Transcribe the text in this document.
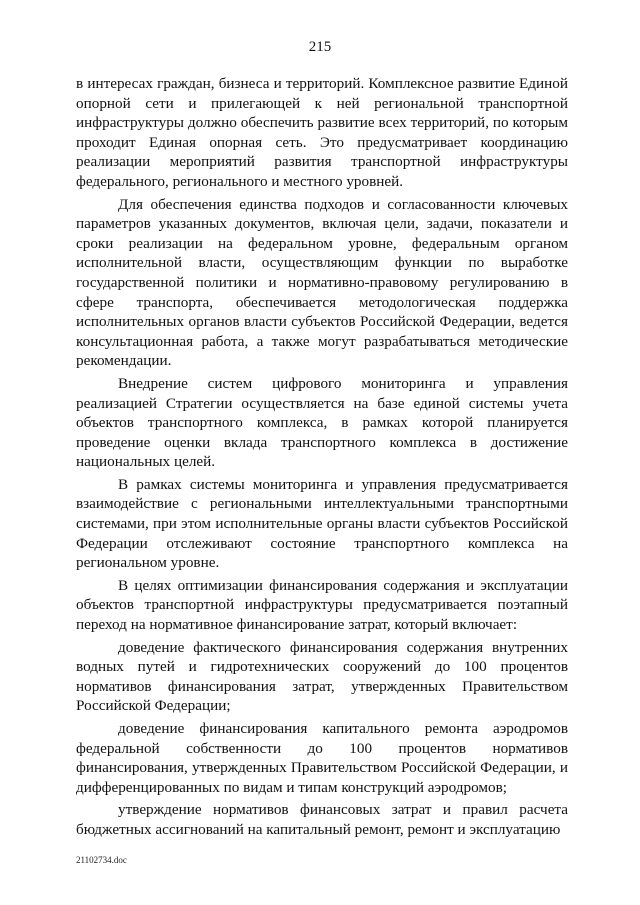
215

в интересах граждан, бизнеса и территорий. Комплексное развитие Единой опорной сети и прилегающей к ней региональной транспортной инфраструктуры должно обеспечить развитие всех территорий, по которым проходит Единая опорная сеть. Это предусматривает координацию реализации мероприятий развития транспортной инфраструктуры федерального, регионального и местного уровней.

Для обеспечения единства подходов и согласованности ключевых параметров указанных документов, включая цели, задачи, показатели и сроки реализации на федеральном уровне, федеральным органом исполнительной власти, осуществляющим функции по выработке государственной политики и нормативно-правовому регулированию в сфере транспорта, обеспечивается методологическая поддержка исполнительных органов власти субъектов Российской Федерации, ведется консультационная работа, а также могут разрабатываться методические рекомендации.

Внедрение систем цифрового мониторинга и управления реализацией Стратегии осуществляется на базе единой системы учета объектов транспортного комплекса, в рамках которой планируется проведение оценки вклада транспортного комплекса в достижение национальных целей.

В рамках системы мониторинга и управления предусматривается взаимодействие с региональными интеллектуальными транспортными системами, при этом исполнительные органы власти субъектов Российской Федерации отслеживают состояние транспортного комплекса на региональном уровне.

В целях оптимизации финансирования содержания и эксплуатации объектов транспортной инфраструктуры предусматривается поэтапный переход на нормативное финансирование затрат, который включает:

доведение фактического финансирования содержания внутренних водных путей и гидротехнических сооружений до 100 процентов нормативов финансирования затрат, утвержденных Правительством Российской Федерации;

доведение финансирования капитального ремонта аэродромов федеральной собственности до 100 процентов нормативов финансирования, утвержденных Правительством Российской Федерации, и дифференцированных по видам и типам конструкций аэродромов;

утверждение нормативов финансовых затрат и правил расчета бюджетных ассигнований на капитальный ремонт, ремонт и эксплуатацию

21102734.doc
